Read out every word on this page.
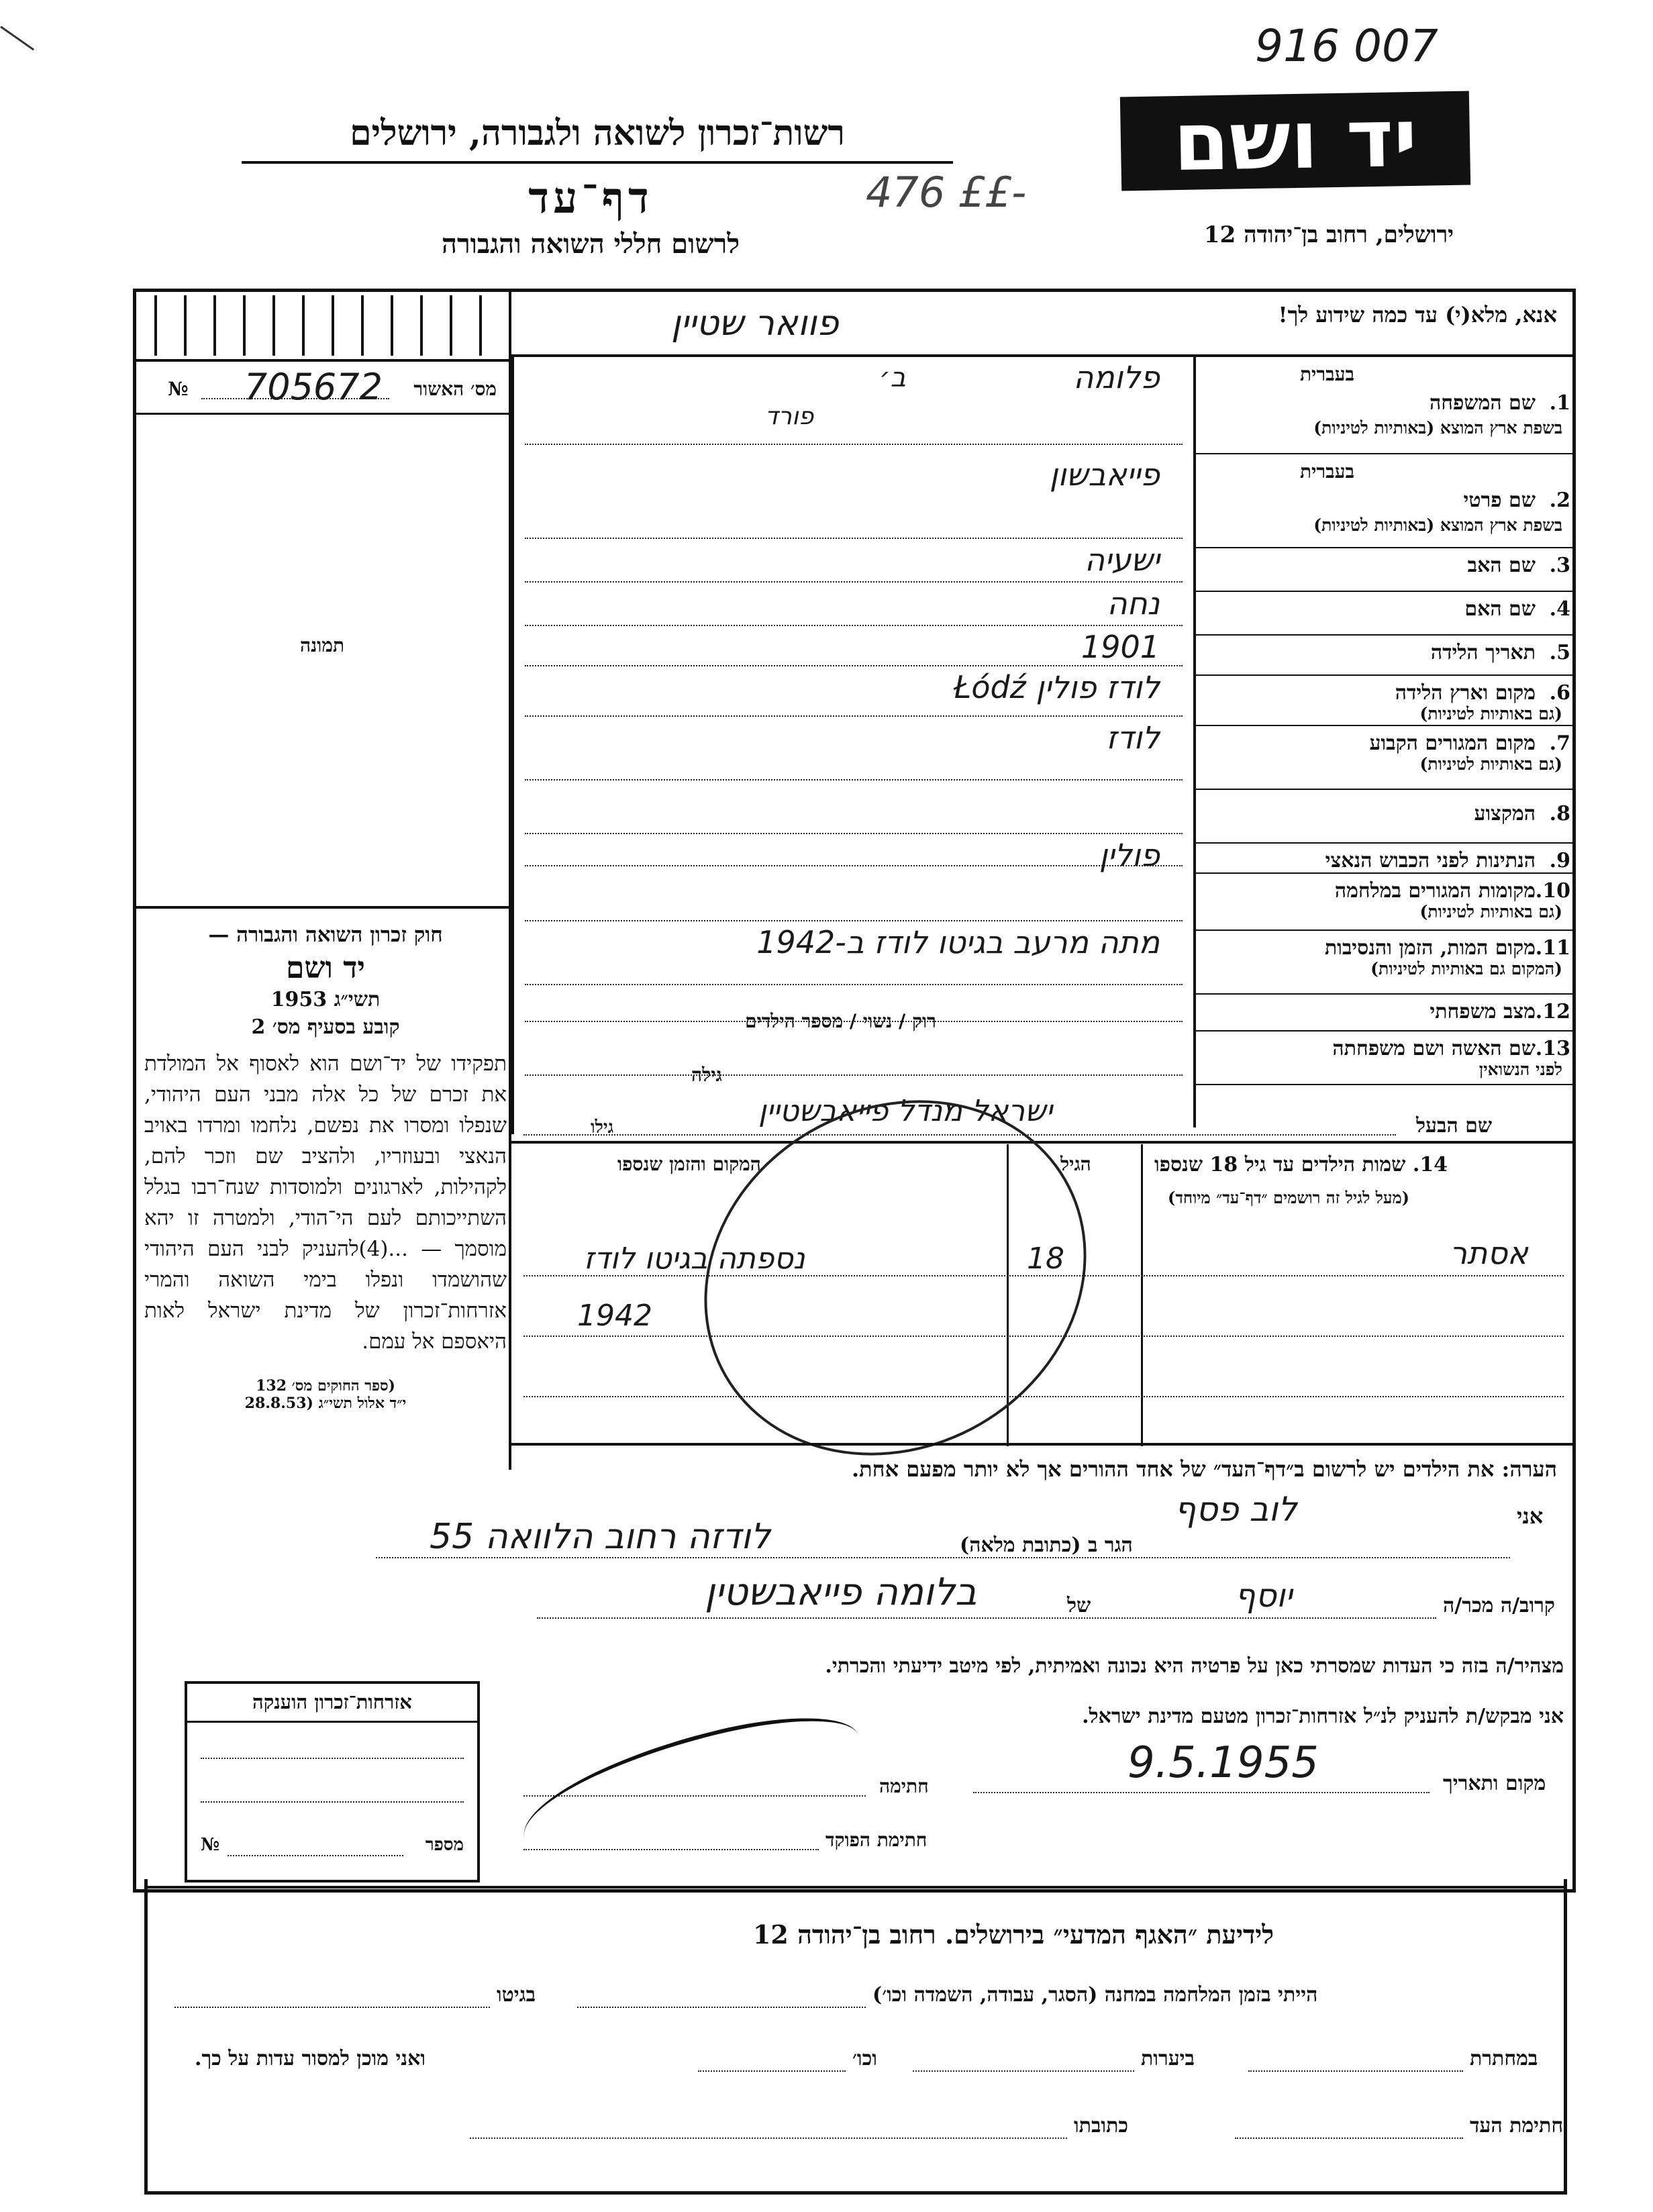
916 007
476 ££-
יד ושם
רשות־זכרון לשואה ולגבורה, ירושלים
דף־עד
לרשום חללי השואה והגבורה	ירושלים, רחוב בן־יהודה 12
מס׳ האשור
705672
№
תמונה
חוק זכרון השואה והגבורה —
יד ושם
תשי״ג 1953
קובע בסעיף מס׳ 2
תפקידו של יד־ושם הוא לאסוף אל המולדת את זכרם של כל אלה מבני העם היהודי, שנפלו ומסרו את נפשם, נלחמו ומרדו באויב הנאצי ובעוזריו, ולהציב שם וזכר להם, לקהילות, לארגונים ולמוסדות שנח־רבו בגלל השתייכותם לעם הי־הודי, ולמטרה זו יהא מוסמך — ...(4)להעניק לבני העם היהודי שהושמדו ונפלו בימי השואה והמרי אזרחות־זכרון של מדינת ישראל לאות היאספם אל עמם.
(ספר החוקים מס׳ 132
י״ד אלול תשי״ג (28.8.53
אנא, מלא(י) עד כמה שידוע לך!
פוואר שטיין
שם המשפחה 1.
בעברית
בשפת ארץ המוצא (באותיות לטיניות)
פלומה
שם פרטי 2.
בעברית
בשפת ארץ המוצא (באותיות לטיניות)
פייאבשון
שם האב 3.
ישעיה
שם האם 4.
נחה
תאריך הלידה 5.
1901
מקום וארץ הלידה 6.
(גם באותיות לטיניות)
לודז פולין Łódź
מקום המגורים הקבוע 7.
(גם באותיות לטיניות)
לודז
המקצוע 8.
הנתינות לפני הכבוש הנאצי 9.
פולין
מקומות המגורים במלחמה 10.
(גם באותיות לטיניות)
מקום המות, הזמן והנסיבות 11.
(המקום גם באותיות לטיניות)
מתה מרעב בגיטו לודז ב-1942
מצב משפחתי 12.
שם האשה ושם משפחתה 13.
לפני הנשואין
פורד
ב׳
רוק / נשוי / מספר הילדים
גילה
שם הבעל
גילו	ישראל מנדל פייאבשטיין
14. שמות הילדים עד גיל 18 שנספו
(מעל לגיל זה רושמים ״דף־עד״ מיוחד)
הגיל
המקום והזמן שנספו
אסתר
18
נספתה בגיטו לודז
1942
הערה: את הילדים יש לרשום ב״דף־העד״ של אחד ההורים אך לא יותר מפעם אחת.
אני
לוב פסף
הגר ב (כתובת מלאה)
לודזה רחוב הלוואה 55
קרוב/ה מכר/ה
יוסף
של
בלומה פייאבשטין
מצהיר/ה בזה כי העדות שמסרתי כאן על פרטיה היא נכונה ואמיתית, לפי מיטב ידיעתי והכרתי.
אני מבקש/ת להעניק לנ״ל אזרחות־זכרון מטעם מדינת ישראל.
מקום ותאריך
9.5.1955
חתימה
חתימת הפוקד
אזרחות־זכרון הוענקה
מספר
№
לידיעת ״האגף המדעי״ בירושלים. רחוב בן־יהודה 12
הייתי בזמן המלחמה במחנה (הסגר, עבודה, השמדה וכו׳)
בגיטו
במחתרת
ביערות
וכו׳
ואני מוכן למסור עדות על כך.
חתימת העד
כתובתו
